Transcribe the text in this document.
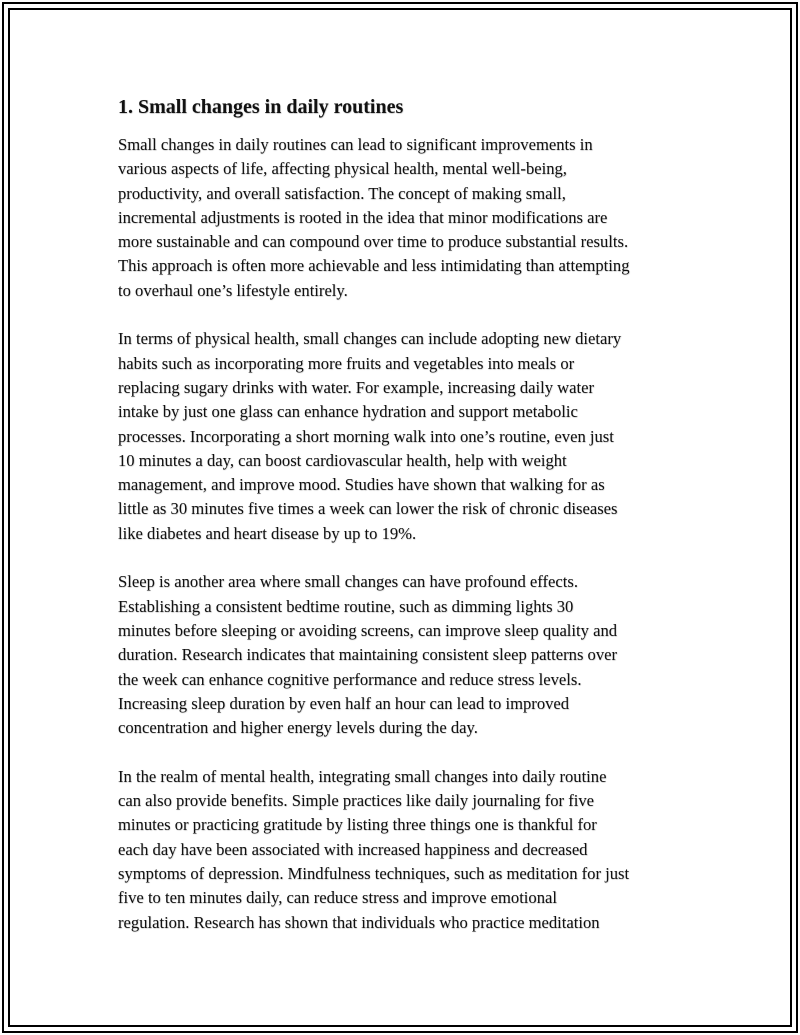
1. Small changes in daily routines

Small changes in daily routines can lead to significant improvements in
various aspects of life, affecting physical health, mental well-being,
productivity, and overall satisfaction. The concept of making small,
incremental adjustments is rooted in the idea that minor modifications are
more sustainable and can compound over time to produce substantial results.
This approach is often more achievable and less intimidating than attempting
to overhaul one’s lifestyle entirely.

In terms of physical health, small changes can include adopting new dietary
habits such as incorporating more fruits and vegetables into meals or
replacing sugary drinks with water. For example, increasing daily water
intake by just one glass can enhance hydration and support metabolic
processes. Incorporating a short morning walk into one’s routine, even just
10 minutes a day, can boost cardiovascular health, help with weight
management, and improve mood. Studies have shown that walking for as
little as 30 minutes five times a week can lower the risk of chronic diseases
like diabetes and heart disease by up to 19%.

Sleep is another area where small changes can have profound effects.
Establishing a consistent bedtime routine, such as dimming lights 30
minutes before sleeping or avoiding screens, can improve sleep quality and
duration. Research indicates that maintaining consistent sleep patterns over
the week can enhance cognitive performance and reduce stress levels.
Increasing sleep duration by even half an hour can lead to improved
concentration and higher energy levels during the day.

In the realm of mental health, integrating small changes into daily routine
can also provide benefits. Simple practices like daily journaling for five
minutes or practicing gratitude by listing three things one is thankful for
each day have been associated with increased happiness and decreased
symptoms of depression. Mindfulness techniques, such as meditation for just
five to ten minutes daily, can reduce stress and improve emotional
regulation. Research has shown that individuals who practice meditation
